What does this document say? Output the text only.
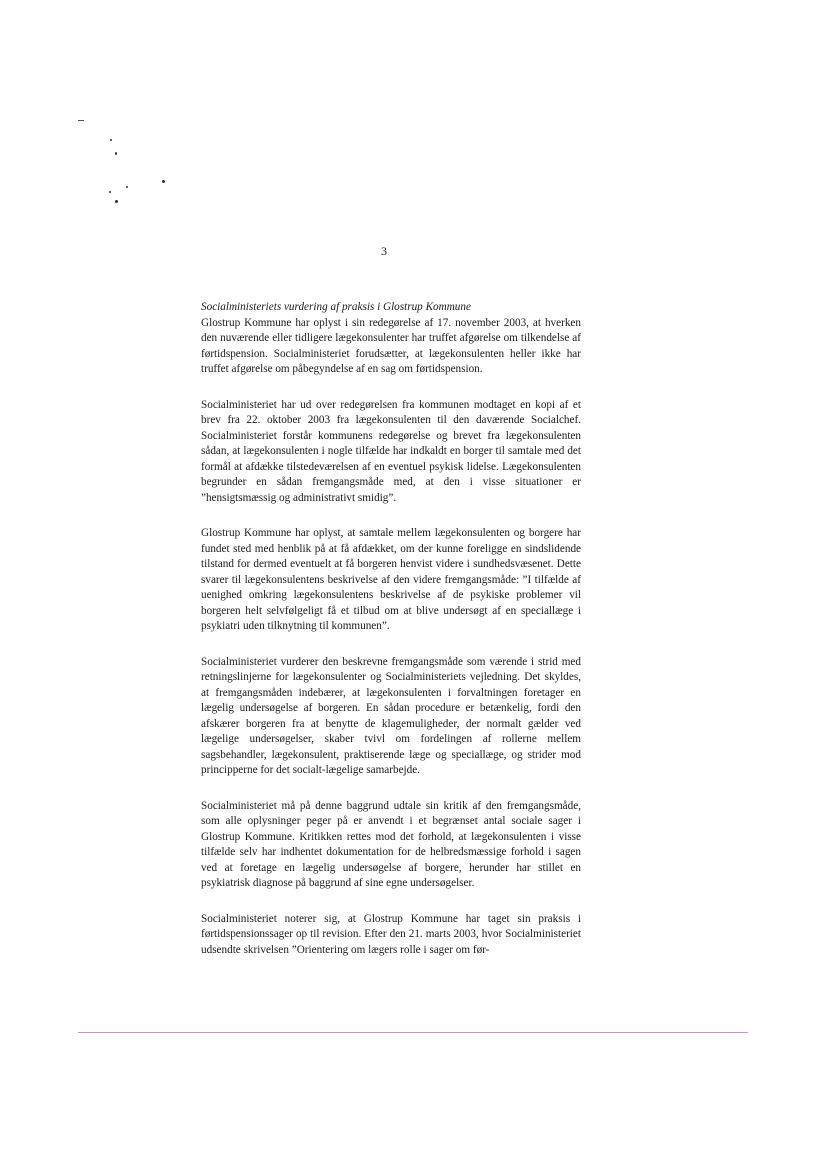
3

Socialministeriets vurdering af praksis i Glostrup Kommune

Glostrup Kommune har oplyst i sin redegørelse af 17. november 2003, at hverken den nuværende eller tidligere lægekonsulenter har truffet afgørelse om tilkendelse af førtidspension. Socialministeriet forudsætter, at lægekonsulenten heller ikke har truffet afgørelse om påbegyndelse af en sag om førtidspension.

Socialministeriet har ud over redegørelsen fra kommunen modtaget en kopi af et brev fra 22. oktober 2003 fra lægekonsulenten til den daværende Socialchef. Socialministeriet forstår kommunens redegørelse og brevet fra lægekonsulenten sådan, at lægekonsulenten i nogle tilfælde har indkaldt en borger til samtale med det formål at afdække tilstedeværelsen af en eventuel psykisk lidelse. Lægekonsulenten begrunder en sådan fremgangsmåde med, at den i visse situationer er ”hensigtsmæssig og administrativt smidig”.

Glostrup Kommune har oplyst, at samtale mellem lægekonsulenten og borgere har fundet sted med henblik på at få afdækket, om der kunne foreligge en sindslidende tilstand for dermed eventuelt at få borgeren henvist videre i sundhedsvæsenet. Dette svarer til lægekonsulentens beskrivelse af den videre fremgangsmåde: ”I tilfælde af uenighed omkring lægekonsulentens beskrivelse af de psykiske problemer vil borgeren helt selvfølgeligt få et tilbud om at blive undersøgt af en speciallæge i psykiatri uden tilknytning til kommunen”.

Socialministeriet vurderer den beskrevne fremgangsmåde som værende i strid med retningslinjerne for lægekonsulenter og Socialministeriets vejledning. Det skyldes, at fremgangsmåden indebærer, at lægekonsulenten i forvaltningen foretager en lægelig undersøgelse af borgeren. En sådan procedure er betænkelig, fordi den afskærer borgeren fra at benytte de klagemuligheder, der normalt gælder ved lægelige undersøgelser, skaber tvivl om fordelingen af rollerne mellem sagsbehandler, lægekonsulent, praktiserende læge og speciallæge, og strider mod principperne for det socialt-lægelige samarbejde.

Socialministeriet må på denne baggrund udtale sin kritik af den fremgangsmåde, som alle oplysninger peger på er anvendt i et begrænset antal sociale sager i Glostrup Kommune. Kritikken rettes mod det forhold, at lægekonsulenten i visse tilfælde selv har indhentet dokumentation for de helbredsmæssige forhold i sagen ved at foretage en lægelig undersøgelse af borgere, herunder har stillet en psykiatrisk diagnose på baggrund af sine egne undersøgelser.

Socialministeriet noterer sig, at Glostrup Kommune har taget sin praksis i førtidspensionssager op til revision. Efter den 21. marts 2003, hvor Socialministeriet udsendte skrivelsen ”Orientering om lægers rolle i sager om før-
